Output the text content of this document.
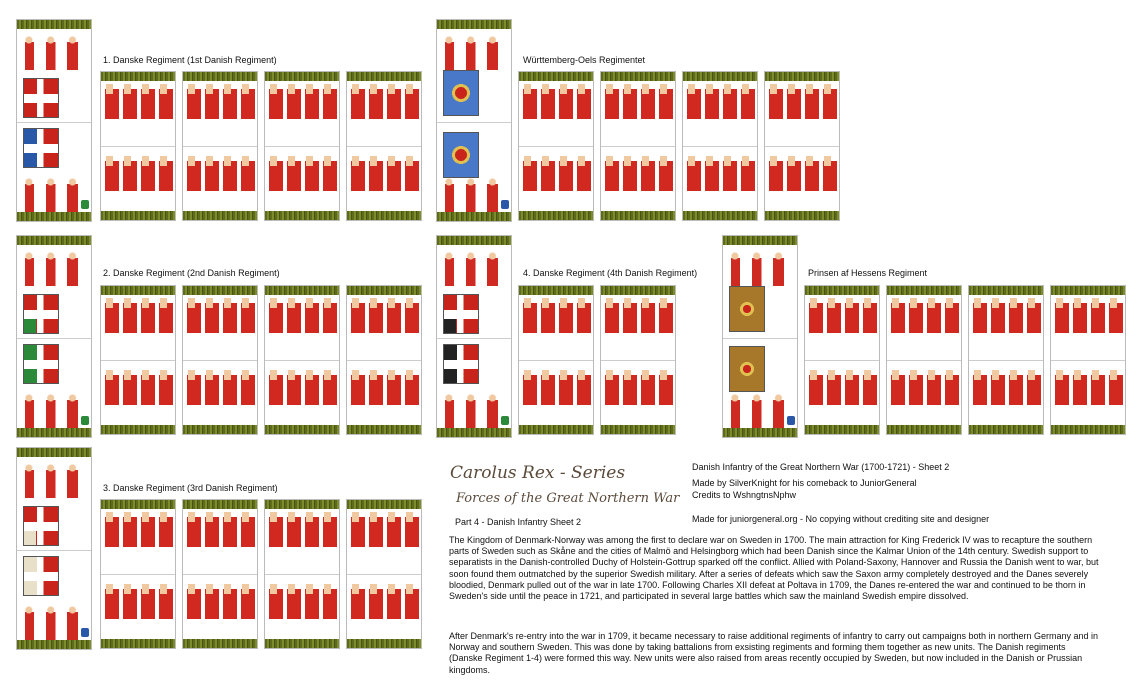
1. Danske Regiment (1st Danish Regiment)	Württemberg-Oels Regimentet
2. Danske Regiment (2nd Danish Regiment)	4. Danske Regiment (4th Danish Regiment)	Prinsen af Hessens Regiment
3. Danske Regiment (3rd Danish Regiment)
Carolus Rex - Series
Forces of the Great Northern War
Part 4 - Danish Infantry Sheet 2
Danish Infantry of the Great Northern War (1700-1721) - Sheet 2
Made by SilverKnight for his comeback to JuniorGeneral
Credits to WshngtnsNphw
Made for juniorgeneral.org - No copying without crediting site and designer
The Kingdom of Denmark-Norway was among the first to declare war on Sweden in 1700. The main attraction for King Frederick IV was to recapture the southern parts of Sweden such as Skåne and the cities of Malmö and Helsingborg which had been Danish since the Kalmar Union of the 14th century. Swedish support to separatists in the Danish-controlled Duchy of Holstein-Gottrup sparked off the conflict. Allied with Poland-Saxony, Hannover and Russia the Danish went to war, but soon found them outmatched by the superior Swedish military. After a series of defeats which saw the Saxon army completely destroyed and the Danes severely bloodied, Denmark pulled out of the war in late 1700. Following Charles XII defeat at Poltava in 1709, the Danes re-entered the war and continued to be thorn in Sweden's side until the peace in 1721, and participated in several large battles which saw the mainland Swedish empire dissolved.
After Denmark's re-entry into the war in 1709, it became necessary to raise additional regiments of infantry to carry out campaigns both in northern Germany and in Norway and southern Sweden. This was done by taking battalions from exsisting regiments and forming them together as new units. The Danish regiments (Danske Regiment 1-4) were formed this way. New units were also raised from areas recently occupied by Sweden, but now included in the Danish or Prussian kingdoms.
